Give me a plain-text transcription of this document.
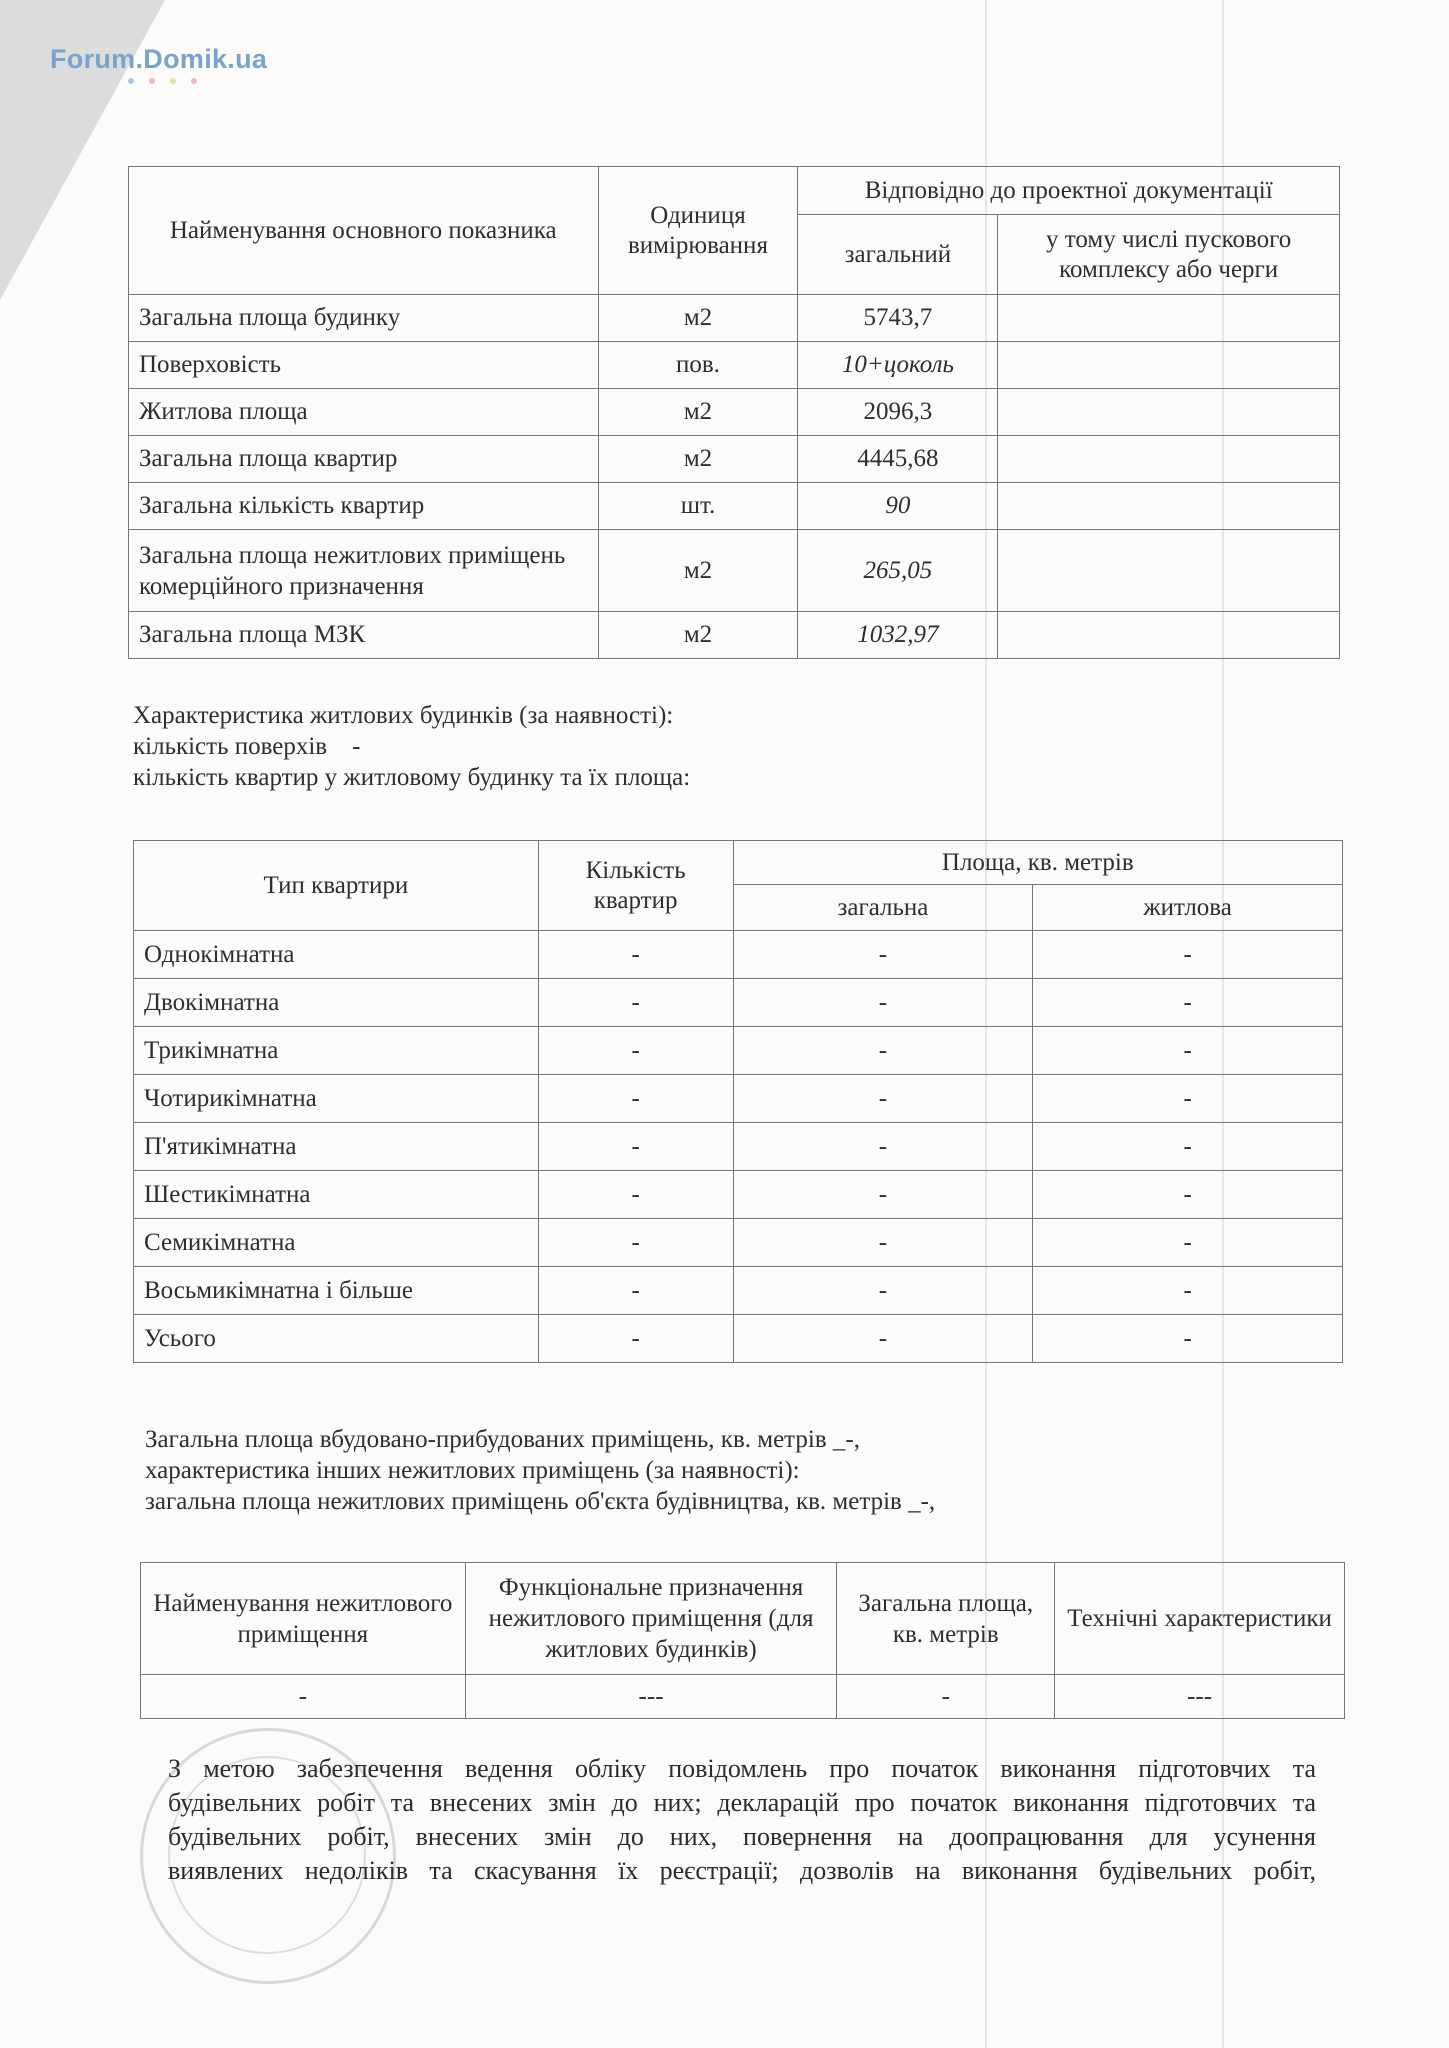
Forum.Domik.ua
Найменування основного показника	Одиниця вимірювання	Відповідно до проектної документації	
		загальний	у тому числі пускового комплексу або черги
Загальна площа будинку	м2	5743,7	
Поверховість	пов.	10+цоколь	
Житлова площа	м2	2096,3	
Загальна площа квартир	м2	4445,68	
Загальна кількість квартир	шт.	90	
Загальна площа нежитлових приміщень комерційного призначення	м2	265,05	
Загальна площа МЗК	м2	1032,97	
Характеристика житлових будинків (за наявності):
кількість поверхів    -
кількість квартир у житловому будинку та їх площа:
Тип квартири	Кількість квартир	Площа, кв. метрів	
		загальна	житлова
Однокімнатна	-	-	-
Двокімнатна	-	-	-
Трикімнатна	-	-	-
Чотирикімнатна	-	-	-
П'ятикімнатна	-	-	-
Шестикімнатна	-	-	-
Семикімнатна	-	-	-
Восьмикімнатна і більше	-	-	-
Усього	-	-	-
Загальна площа вбудовано-прибудованих приміщень, кв. метрів _-,
характеристика інших нежитлових приміщень (за наявності):
загальна площа нежитлових приміщень об'єкта будівництва, кв. метрів _-,
Найменування нежитлового приміщення	Функціональне призначення нежитлового приміщення (для житлових будинків)	Загальна площа, кв. метрів	Технічні характеристики
-	---	-	---
З метою забезпечення ведення обліку повідомлень про початок виконання підготовчих та
будівельних робіт та внесених змін до них; декларацій про початок виконання підготовчих та
будівельних робіт, внесених змін до них, повернення на доопрацювання для усунення
виявлених недоліків та скасування їх реєстрації; дозволів на виконання будівельних робіт,
